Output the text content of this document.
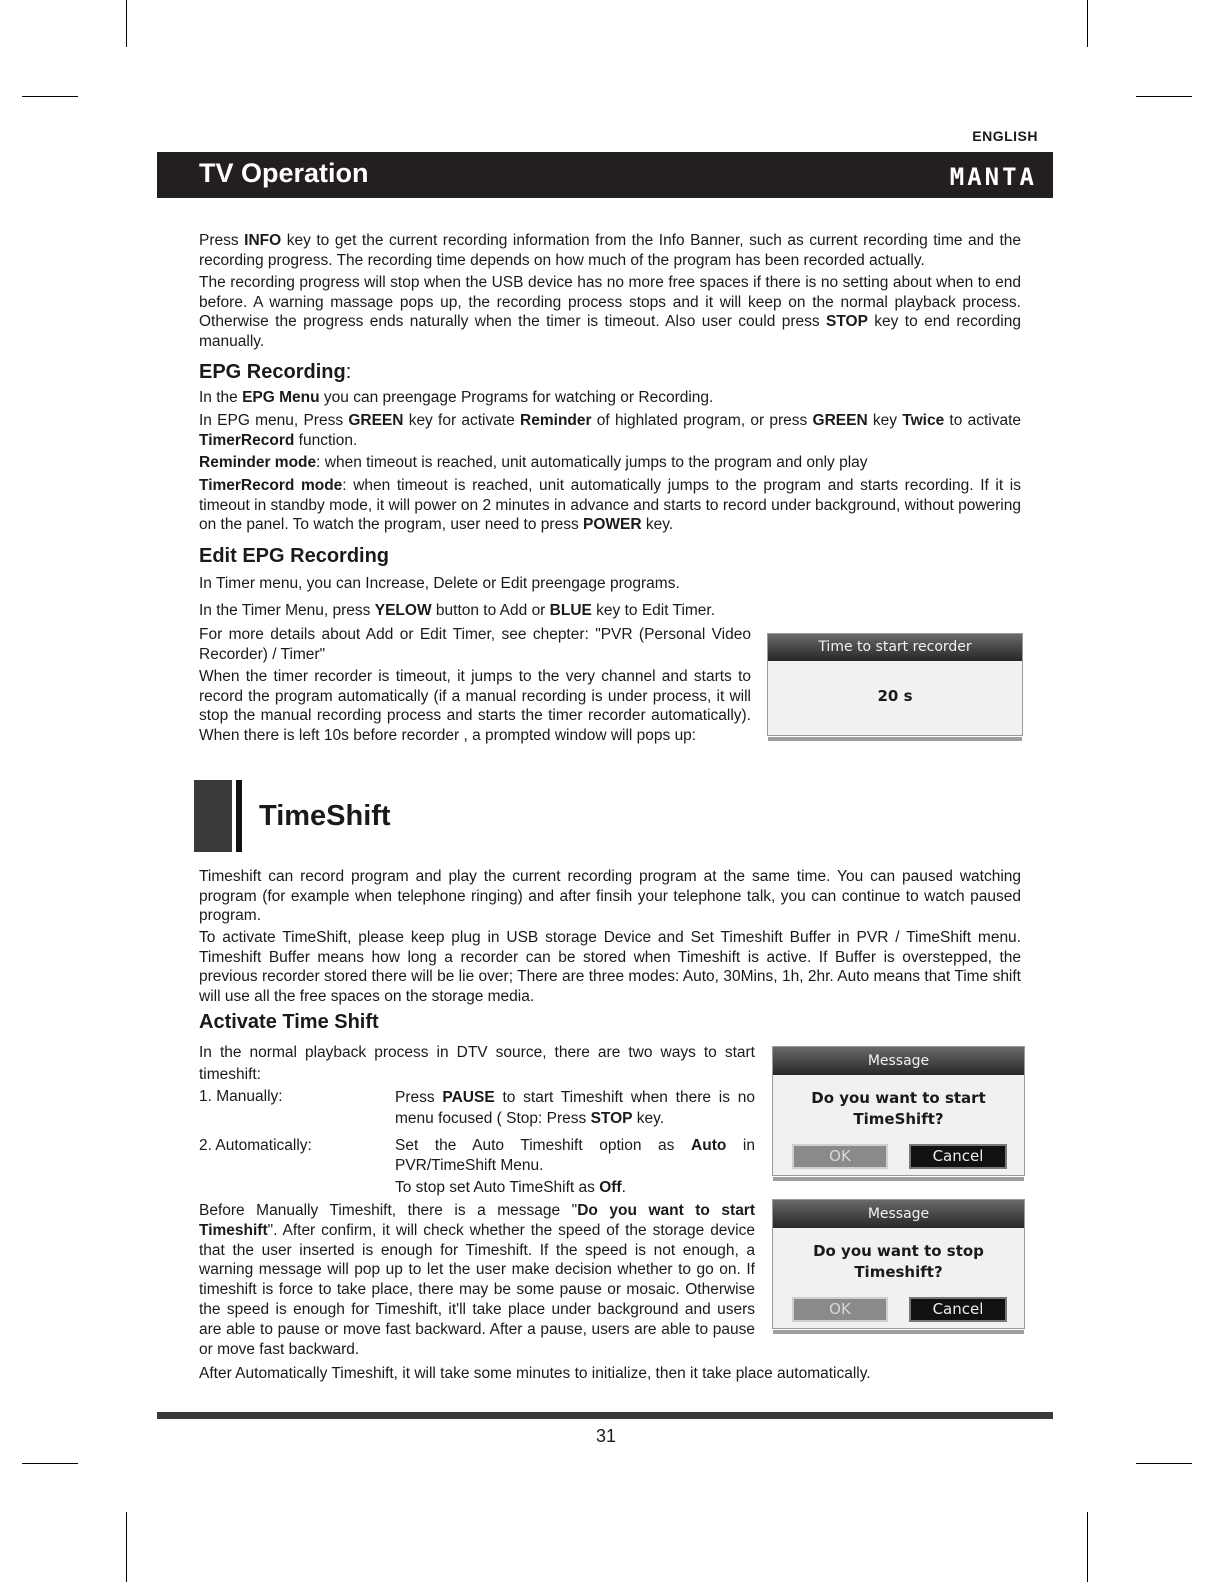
ENGLISH
TV Operation	MANTA

Press INFO key to get the current recording information from the Info Banner, such as current recording time and the recording progress. The recording time depends on how much of the program has been recorded actually.

The recording progress will stop when the USB device has no more free spaces if there is no setting about when to end before. A warning massage pops up, the recording process stops and it will keep on the normal playback process. Otherwise the progress ends naturally when the timer is timeout. Also user could press STOP key to end recording manually.

EPG Recording:

In the EPG Menu you can preengage Programs for watching or Recording.

In EPG menu, Press GREEN key for activate Reminder of highlated program, or press GREEN key Twice to activate TimerRecord function.

Reminder mode: when timeout is reached, unit automatically jumps to the program and only play

TimerRecord mode: when timeout is reached, unit automatically jumps to the program and starts recording. If it is timeout in standby mode, it will power on 2 minutes in advance and starts to record under background, without powering on the panel. To watch the program, user need to press POWER key.

Edit EPG Recording

In Timer menu, you can Increase, Delete or Edit preengage programs.

In the Timer Menu, press YELOW button to Add or BLUE key to Edit Timer.

For more details about Add or Edit Timer, see chepter: "PVR (Personal Video Recorder) / Timer"

When the timer recorder is timeout, it jumps to the very channel and starts to record the program automatically (if a manual recording is under process, it will stop the manual recording process and starts the timer recorder automatically). When there is left 10s before recorder , a prompted window will pops up:

Time to start recorder
20 s
TimeShift

Timeshift can record program and play the current recording program at the same time. You can paused watching program (for example when telephone ringing) and after finsih your telephone talk, you can continue to watch paused program.

To activate TimeShift, please keep plug in USB storage Device and Set Timeshift Buffer in PVR / TimeShift menu. Timeshift Buffer means how long a recorder can be stored when Timeshift is active. If Buffer is overstepped, the previous recorder stored there will be lie over; There are three modes: Auto, 30Mins, 1h, 2hr. Auto means that Time shift will use all the free spaces on the storage media.

Activate Time Shift

In the normal playback process in DTV source, there are two ways to start timeshift:

1. Manually:	Press PAUSE to start Timeshift when there is no menu focused ( Stop: Press STOP key.

2. Automatically:	Set the Auto Timeshift option as Auto in PVR/TimeShift Menu.

To stop set Auto TimeShift as Off.

Before Manually Timeshift, there is a message "Do you want to start Timeshift". After confirm, it will check whether the speed of the storage device that the user inserted is enough for Timeshift. If the speed is not enough, a warning message will pop up to let the user make decision whether to go on. If timeshift is force to take place, there may be some pause or mosaic. Otherwise the speed is enough for Timeshift, it'll take place under background and users are able to pause or move fast backward. After a pause, users are able to pause or move fast backward.

After Automatically Timeshift, it will take some minutes to initialize, then it take place automatically.

Message
Do you want to start
TimeShift?
OK	Cancel
Message
Do you want to stop
Timeshift?
OK	Cancel
31
